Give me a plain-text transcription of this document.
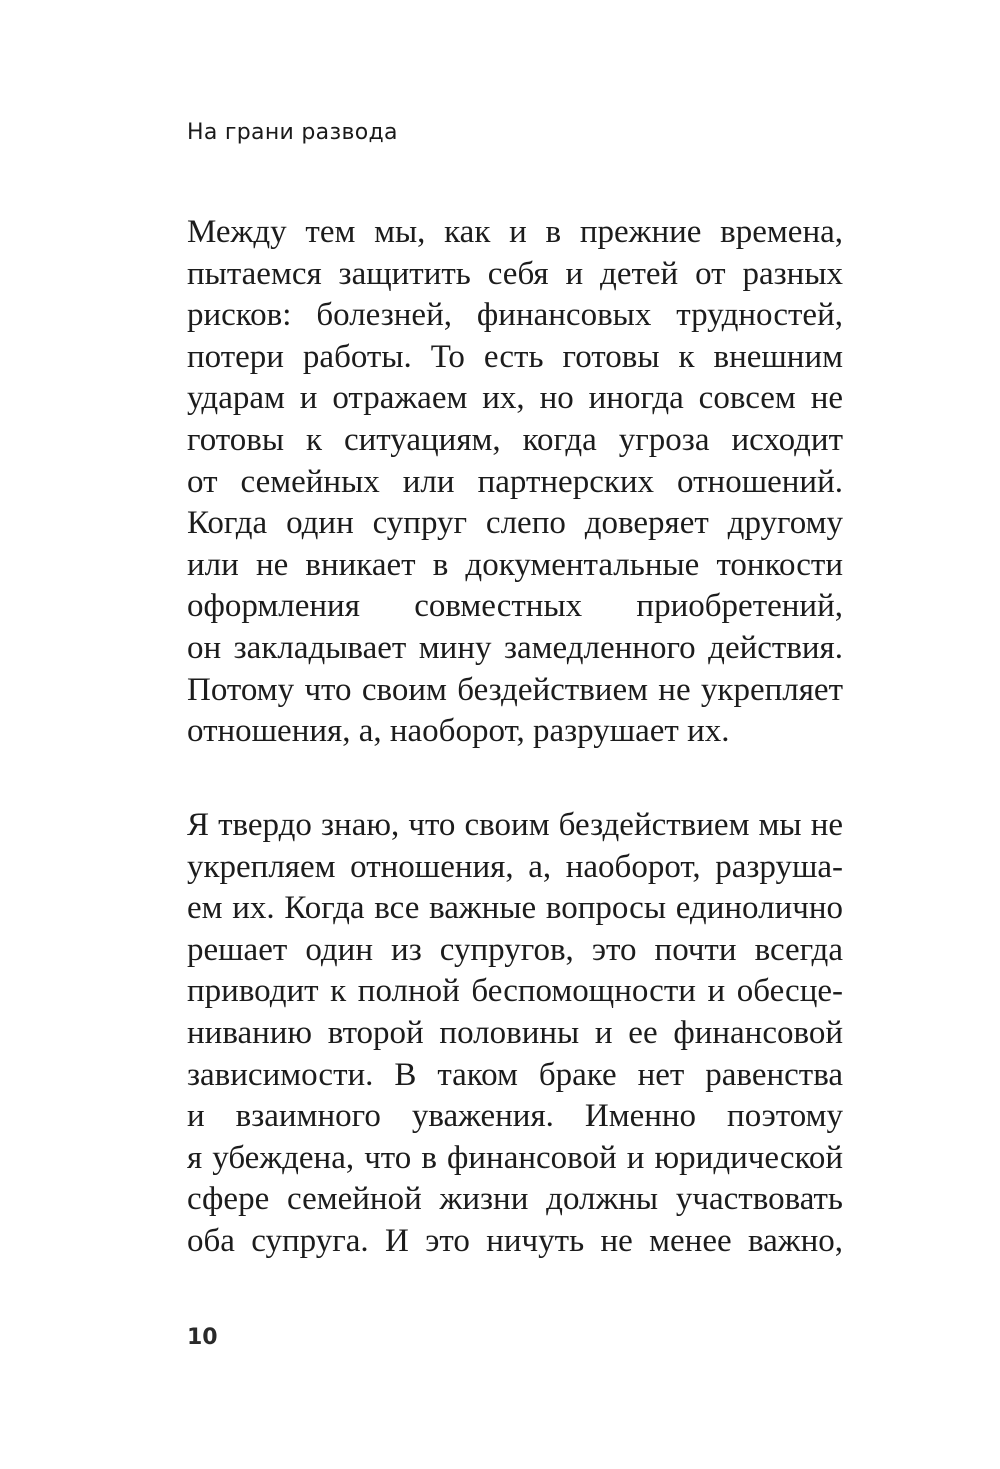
На грани развода
Между тем мы, как и в прежние времена,
пытаемся защитить себя и детей от разных
рисков: болезней, финансовых трудностей,
потери работы. То есть готовы к внешним
ударам и отражаем их, но иногда совсем не
готовы к ситуациям, когда угроза исходит
от семейных или партнерских отношений.
Когда один супруг слепо доверяет другому
или не вникает в документальные тонкости
оформления совместных приобретений,
он закладывает мину замедленного действия.
Потому что своим бездействием не укрепляет
отношения, а, наоборот, разрушает их.
Я твердо знаю, что своим бездействием мы не
укрепляем отношения, а, наоборот, разруша-
ем их. Когда все важные вопросы единолично
решает один из супругов, это почти всегда
приводит к полной беспомощности и обесце-
ниванию второй половины и ее финансовой
зависимости. В таком браке нет равенства
и взаимного уважения. Именно поэтому
я убеждена, что в финансовой и юридической
сфере семейной жизни должны участвовать
оба супруга. И это ничуть не менее важно,
10
